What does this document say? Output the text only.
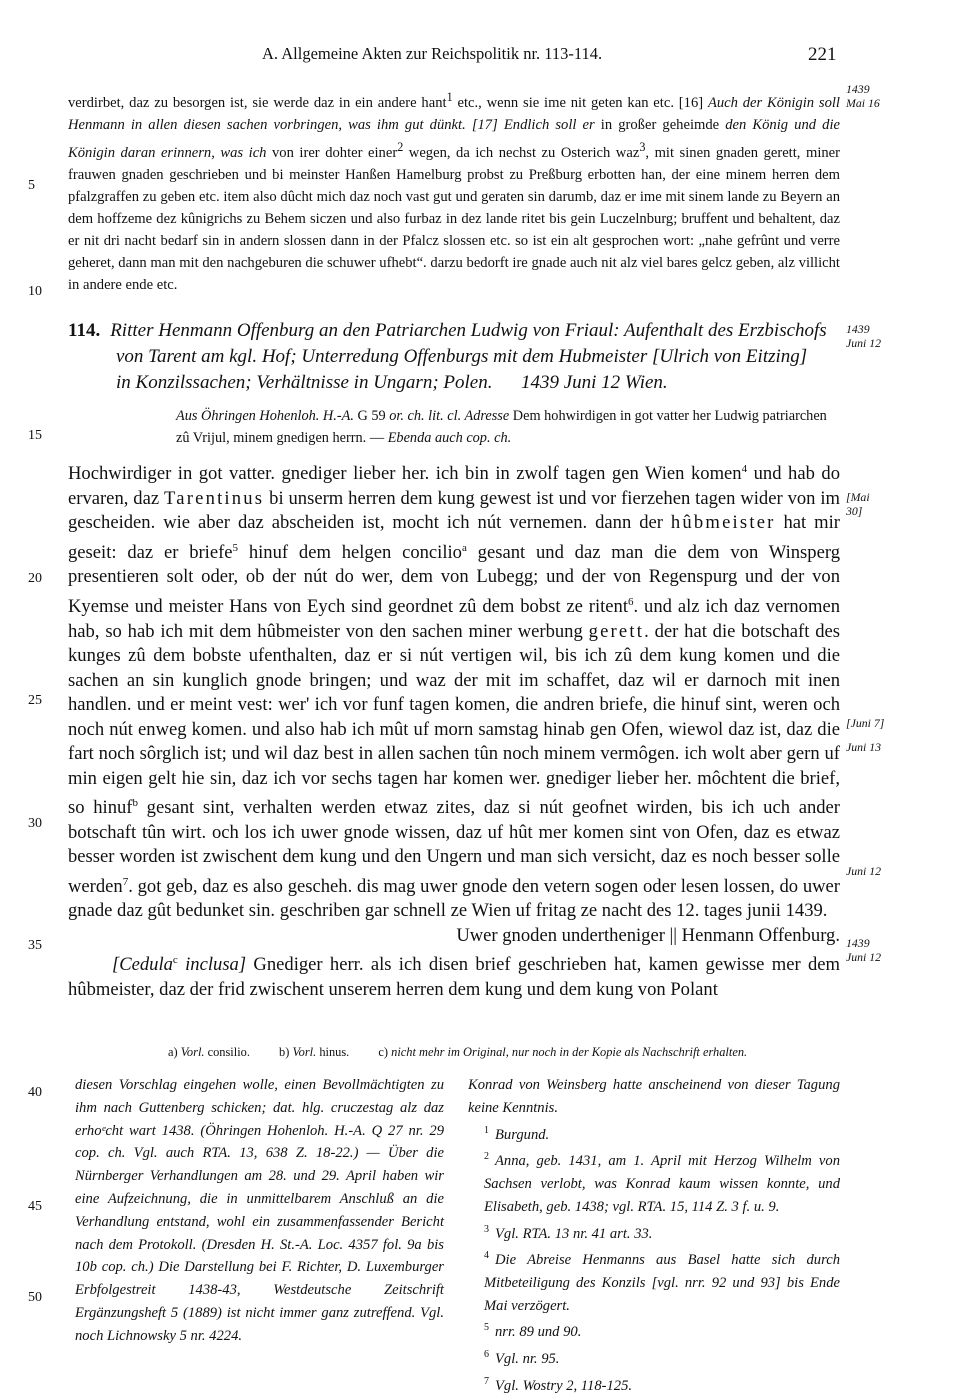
A. Allgemeine Akten zur Reichspolitik nr. 113-114.	221

verdirbet, daz zu besorgen ist, sie werde daz in ein andere hant$^1$ etc., wenn sie ime nit geten kan etc. [16] Auch der Königin soll Henmann in allen diesen sachen vorbringen, was ihm gut dünkt. [17] Endlich soll er in großer geheimde den König und die Königin daran erinnern, was ich von irer dohter einer$^2$ wegen, da ich nechst zu Osterich waz$^3$, mit sinen gnaden gerett, miner frauwen gnaden geschrieben und bi meinster Hanßen Hamelburg probst zu Preßburg erbotten han, der eine minem herren dem pfalzgraffen zu geben etc. item also dûcht mich daz noch vast gut und geraten sin darumb, daz er ime mit sinem lande zu Beyern an dem hoffzeme dez kûnigrichs zu Behem siczen und also furbaz in dez lande ritet bis gein Luczelnburg; bruffent und behaltent, daz er nit dri nacht bedarf sin in andern slossen dann in der Pfalcz slossen etc. so ist ein alt gesprochen wort: „nahe gefrûnt und verre geheret, dann man mit den nachgeburen die schuwer ufhebt“. darzu bedorft ire gnade auch nit alz viel bares gelcz geben, alz villicht in andere ende etc.

114. Ritter Henmann Offenburg an den Patriarchen Ludwig von Friaul: Aufenthalt des Erzbischofs
von Tarent am kgl. Hof; Unterredung Offenburgs mit dem Hubmeister [Ulrich von Eitzing]
in Konzilssachen; Verhältnisse in Ungarn; Polen. 1439 Juni 12 Wien.
Aus Öhringen Hohenloh. H.-A. G 59 or. ch. lit. cl. Adresse Dem hohwirdigen in got vatter her Ludwig patriarchen zû Vrijul, minem gnedigen herrn. — Ebenda auch cop. ch.

Hochwirdiger in got vatter. gnediger lieber her. ich bin in zwolf tagen gen Wien komen$^4$ und hab do ervaren, daz Tarentinus bi unserm herren dem kung gewest ist und vor fierzehen tagen wider von im gescheiden. wie aber daz abscheiden ist, mocht ich nút vernemen. dann der hûbmeister hat mir geseit: daz er briefe$^5$ hinuf dem helgen concilio$^a$ gesant und daz man die dem von Winsperg presentieren solt oder, ob der nút do wer, dem von Lubegg; und der von Regenspurg und der von Kyemse und meister Hans von Eych sind geordnet zû dem bobst ze ritent$^6$. und alz ich daz vernomen hab, so hab ich mit dem hûbmeister von den sachen miner werbung gerett. der hat die botschaft des kunges zû dem bobste ufenthalten, daz er si nút vertigen wil, bis ich zû dem kung komen und die sachen an sin kunglich gnode bringen; und waz der mit im schaffet, daz wil er darnoch mit inen handlen. und er meint vest: wer' ich vor funf tagen komen, die andren briefe, die hinuf sint, weren och noch nút enweg komen. und also hab ich mût uf morn samstag hinab gen Ofen, wiewol daz ist, daz die fart noch sôrglich ist; und wil daz best in allen sachen tûn noch minem vermôgen. ich wolt aber gern uf min eigen gelt hie sin, daz ich vor sechs tagen har komen wer. gnediger lieber her. môchtent die brief, so hinuf$^b$ gesant sint, verhalten werden etwaz zites, daz si nút geofnet wirden, bis ich uch ander botschaft tûn wirt. och los ich uwer gnode wissen, daz uf hût mer komen sint von Ofen, daz es etwaz besser worden ist zwischent dem kung und den Ungern und man sich versicht, daz es noch besser solle werden$^7$. got geb, daz es also gescheh. dis mag uwer gnode den vetern sogen oder lesen lossen, do uwer gnade daz gût bedunket sin. geschriben gar schnell ze Wien uf fritag ze nacht des 12. tages junii 1439.

Uwer gnoden undertheniger || Henmann Offenburg.

[Cedula$^c$ inclusa] Gnediger herr. als ich disen brief geschrieben hat, kamen gewisse mer dem hûbmeister, daz der frid zwischent unserem herren dem kung und dem kung von Polant

5
10
15
20
25
30
35
40
45
50
1439
Mai 16
1439
Juni 12
[Mai
30]
[Juni 7]
Juni 13
Juni 12
1439
Juni 12
a) Vorl. consilio. b) Vorl. hinus. c) nicht mehr im Original, nur noch in der Kopie als Nachschrift erhalten.

diesen Vorschlag eingehen wolle, einen Bevollmächtigten zu ihm nach Guttenberg schicken; dat. hlg. cruczestag alz daz erhoᵉcht wart 1438. (Öhringen Hohenloh. H.-A. Q 27 nr. 29 cop. ch. Vgl. auch RTA. 13, 638 Z. 18-22.) — Über die Nürnberger Verhandlungen am 28. und 29. April haben wir eine Aufzeichnung, die in unmittelbarem Anschluß an die Verhandlung entstand, wohl ein zusammenfassender Bericht nach dem Protokoll. (Dresden H. St.-A. Loc. 4357 fol. 9a bis 10b cop. ch.) Die Darstellung bei F. Richter, D. Luxemburger Erbfolgestreit 1438-43, Westdeutsche Zeitschrift Ergänzungsheft 5 (1889) ist nicht immer ganz zutreffend. Vgl. noch Lichnowsky 5 nr. 4224.

Konrad von Weinsberg hatte anscheinend von dieser Tagung keine Kenntnis.

$^1$ Burgund.

$^2$ Anna, geb. 1431, am 1. April mit Herzog Wilhelm von Sachsen verlobt, was Konrad kaum wissen konnte, und Elisabeth, geb. 1438; vgl. RTA. 15, 114 Z. 3 f. u. 9.

$^3$ Vgl. RTA. 13 nr. 41 art. 33.

$^4$ Die Abreise Henmanns aus Basel hatte sich durch Mitbeteiligung des Konzils [vgl. nrr. 92 und 93] bis Ende Mai verzögert.

$^5$ nrr. 89 und 90.

$^6$ Vgl. nr. 95.

$^7$ Vgl. Wostry 2, 118-125.
